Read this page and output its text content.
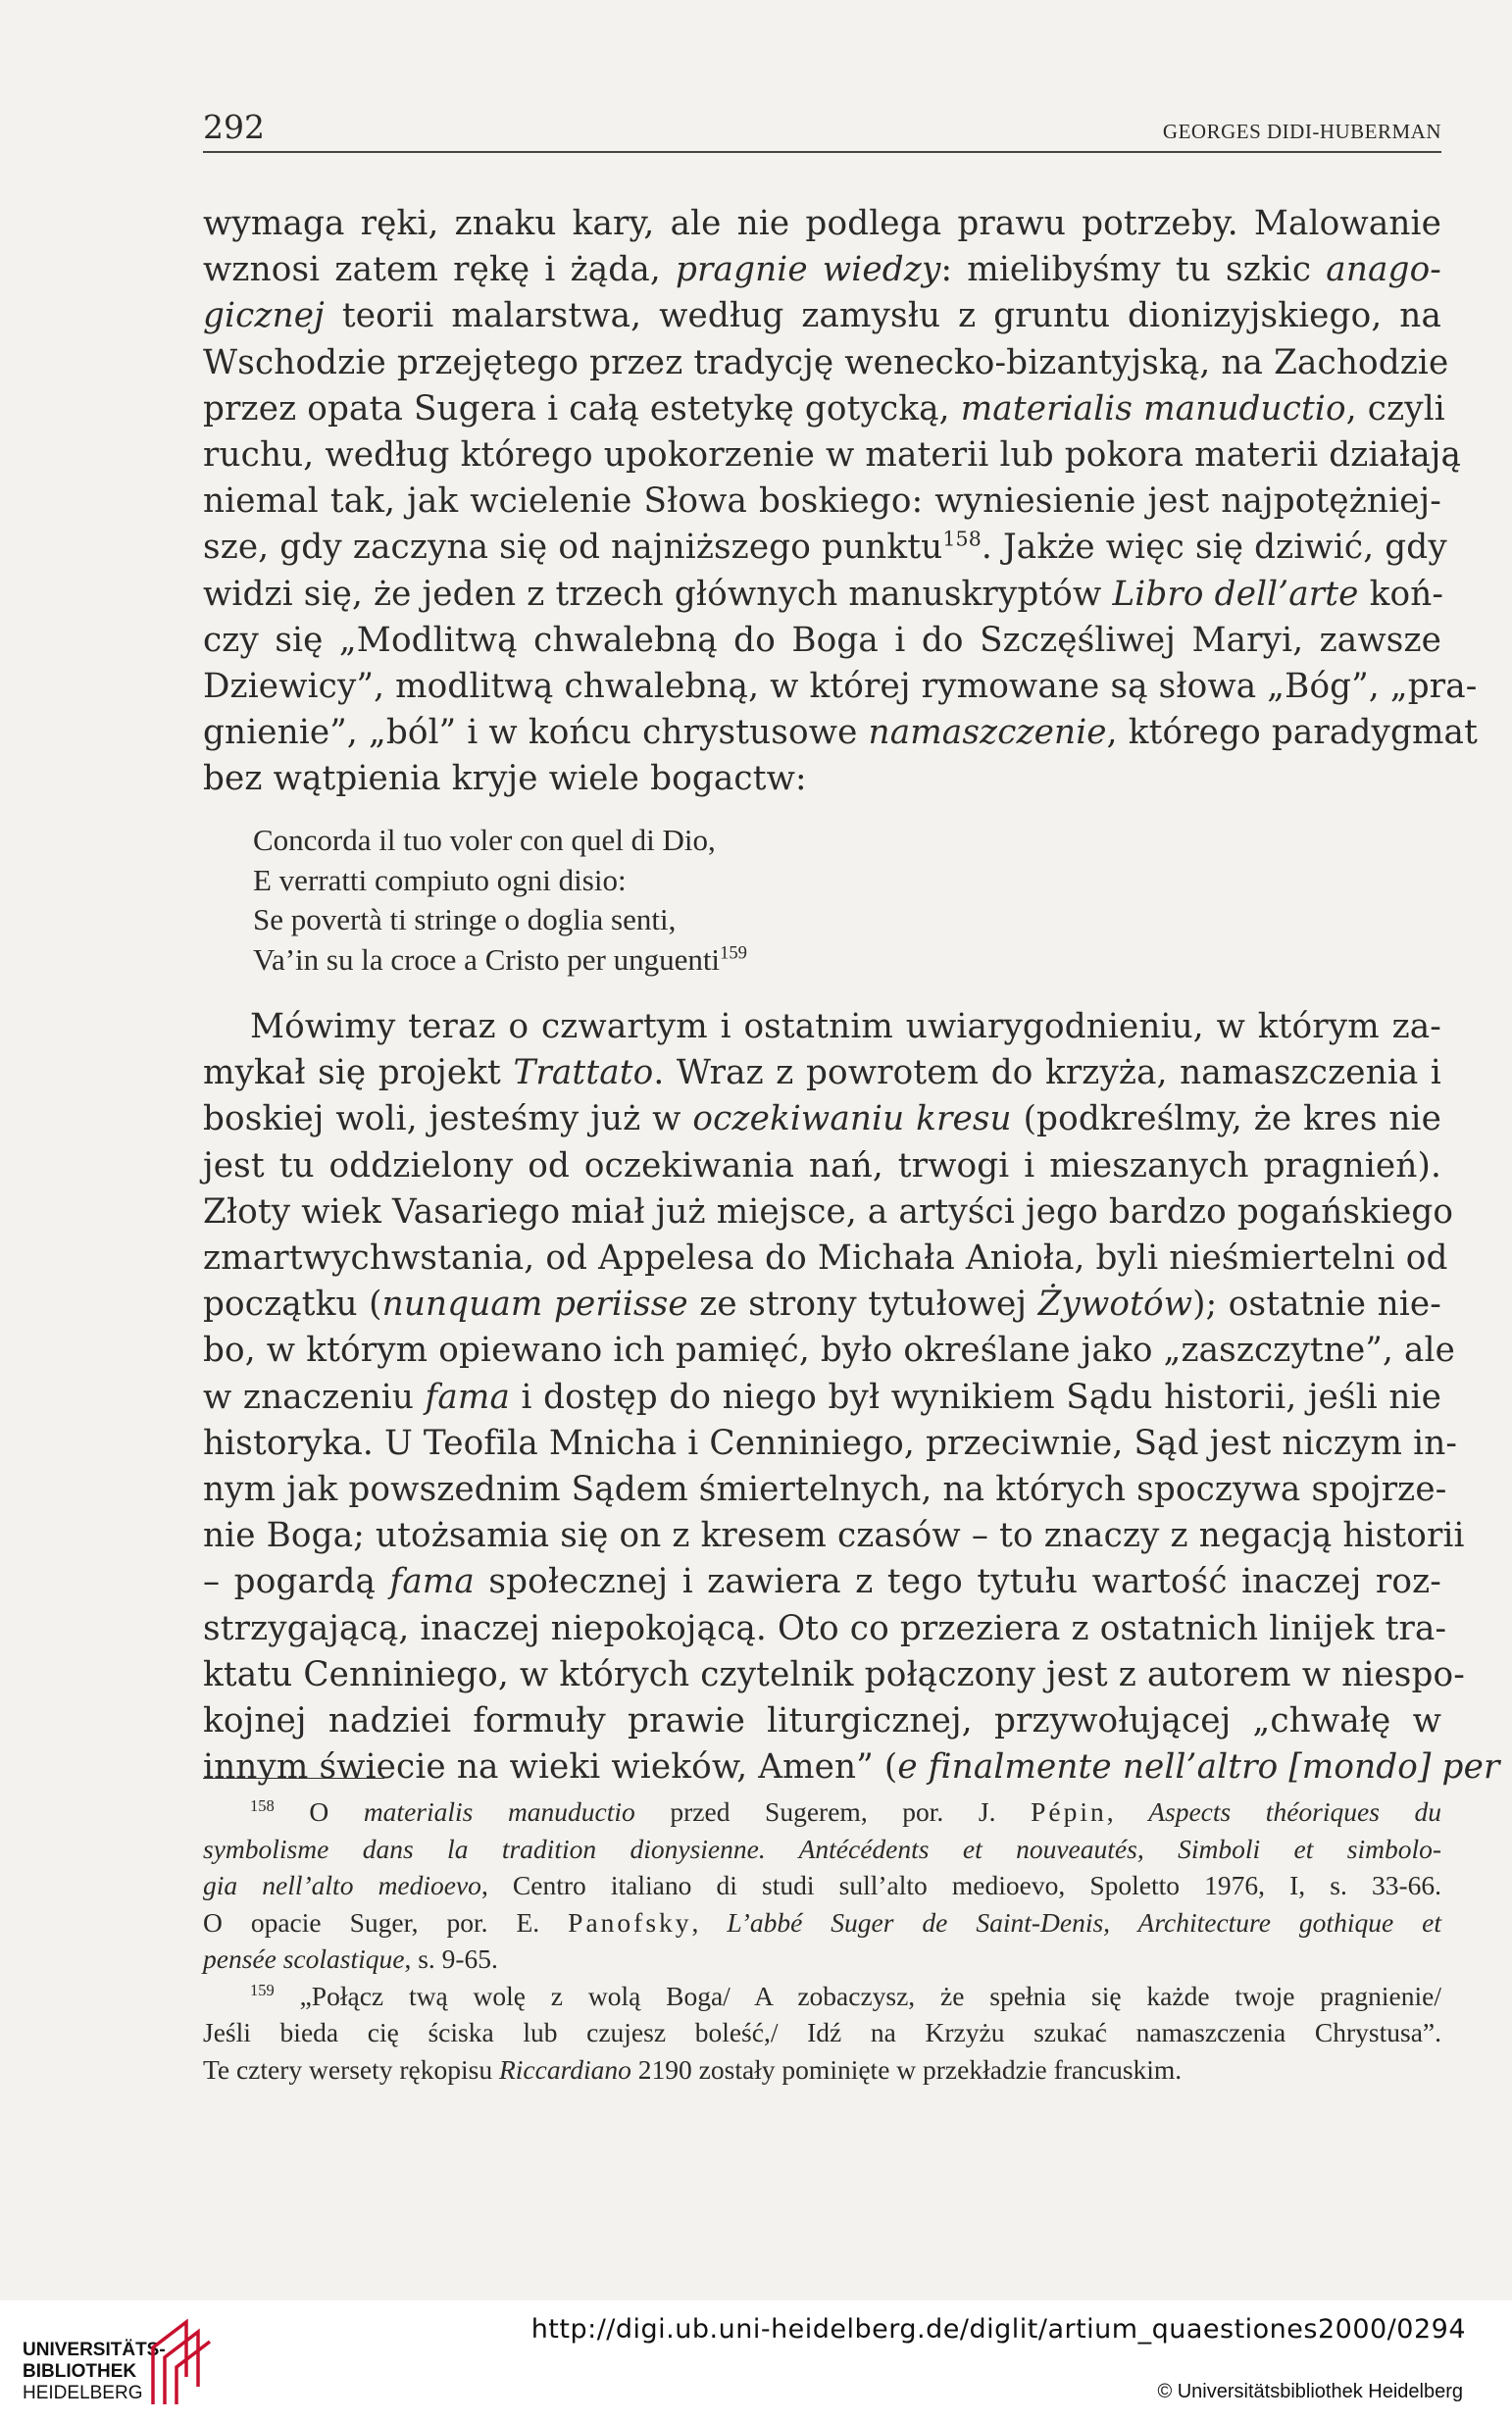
292	GEORGES DIDI-HUBERMAN
wymaga ręki, znaku kary, ale nie podlega prawu potrzeby. Malowanie
wznosi zatem rękę i żąda, pragnie wiedzy: mielibyśmy tu szkic anago-
gicznej teorii malarstwa, według zamysłu z gruntu dionizyjskiego, na
Wschodzie przejętego przez tradycję wenecko-bizantyjską, na Zachodzie
przez opata Sugera i całą estetykę gotycką, materialis manuductio, czyli
ruchu, według którego upokorzenie w materii lub pokora materii działają
niemal tak, jak wcielenie Słowa boskiego: wyniesienie jest najpotężniej-
sze, gdy zaczyna się od najniższego punktu$^{158}$. Jakże więc się dziwić, gdy
widzi się, że jeden z trzech głównych manuskryptów Libro dell’arte koń-
czy się „Modlitwą chwalebną do Boga i do Szczęśliwej Maryi, zawsze
Dziewicy”, modlitwą chwalebną, w której rymowane są słowa „Bóg”, „pra-
gnienie”, „ból” i w końcu chrystusowe namaszczenie, którego paradygmat
bez wątpienia kryje wiele bogactw:
Concorda il tuo voler con quel di Dio,
E verratti compiuto ogni disio:
Se povertà ti stringe o doglia senti,
Va’in su la croce a Cristo per unguenti$^{159}$
Mówimy teraz o czwartym i ostatnim uwiarygodnieniu, w którym za-
mykał się projekt Trattato. Wraz z powrotem do krzyża, namaszczenia i
boskiej woli, jesteśmy już w oczekiwaniu kresu (podkreślmy, że kres nie
jest tu oddzielony od oczekiwania nań, trwogi i mieszanych pragnień).
Złoty wiek Vasariego miał już miejsce, a artyści jego bardzo pogańskiego
zmartwychwstania, od Appelesa do Michała Anioła, byli nieśmiertelni od
początku (nunquam periisse ze strony tytułowej Żywotów); ostatnie nie-
bo, w którym opiewano ich pamięć, było określane jako „zaszczytne”, ale
w znaczeniu fama i dostęp do niego był wynikiem Sądu historii, jeśli nie
historyka. U Teofila Mnicha i Cenniniego, przeciwnie, Sąd jest niczym in-
nym jak powszednim Sądem śmiertelnych, na których spoczywa spojrze-
nie Boga; utożsamia się on z kresem czasów – to znaczy z negacją historii
– pogardą fama społecznej i zawiera z tego tytułu wartość inaczej roz-
strzygającą, inaczej niepokojącą. Oto co przeziera z ostatnich linijek tra-
ktatu Cenniniego, w których czytelnik połączony jest z autorem w niespo-
kojnej nadziei formuły prawie liturgicznej, przywołującej „chwałę w
innym świecie na wieki wieków, Amen” (e finalmente nell’altro [mondo] per
$^{158}$ O materialis manuductio przed Sugerem, por. J. Pépin, Aspects théoriques du
symbolisme dans la tradition dionysienne. Antécédents et nouveautés, Simboli et simbolo-
gia nell’alto medioevo, Centro italiano di studi sull’alto medioevo, Spoletto 1976, I, s. 33-66.
O opacie Suger, por. E. Panofsky, L’abbé Suger de Saint-Denis, Architecture gothique et
pensée scolastique, s. 9-65.
$^{159}$ „Połącz twą wolę z wolą Boga/ A zobaczysz, że spełnia się każde twoje pragnienie/
Jeśli bieda cię ściska lub czujesz boleść,/ Idź na Krzyżu szukać namaszczenia Chrystusa”.
Te cztery wersety rękopisu Riccardiano 2190 zostały pominięte w przekładzie francuskim.
UNIVERSITÄTS-
BIBLIOTHEK
HEIDELBERG
http://digi.ub.uni-heidelberg.de/diglit/artium_quaestiones2000/0294
© Universitätsbibliothek Heidelberg
